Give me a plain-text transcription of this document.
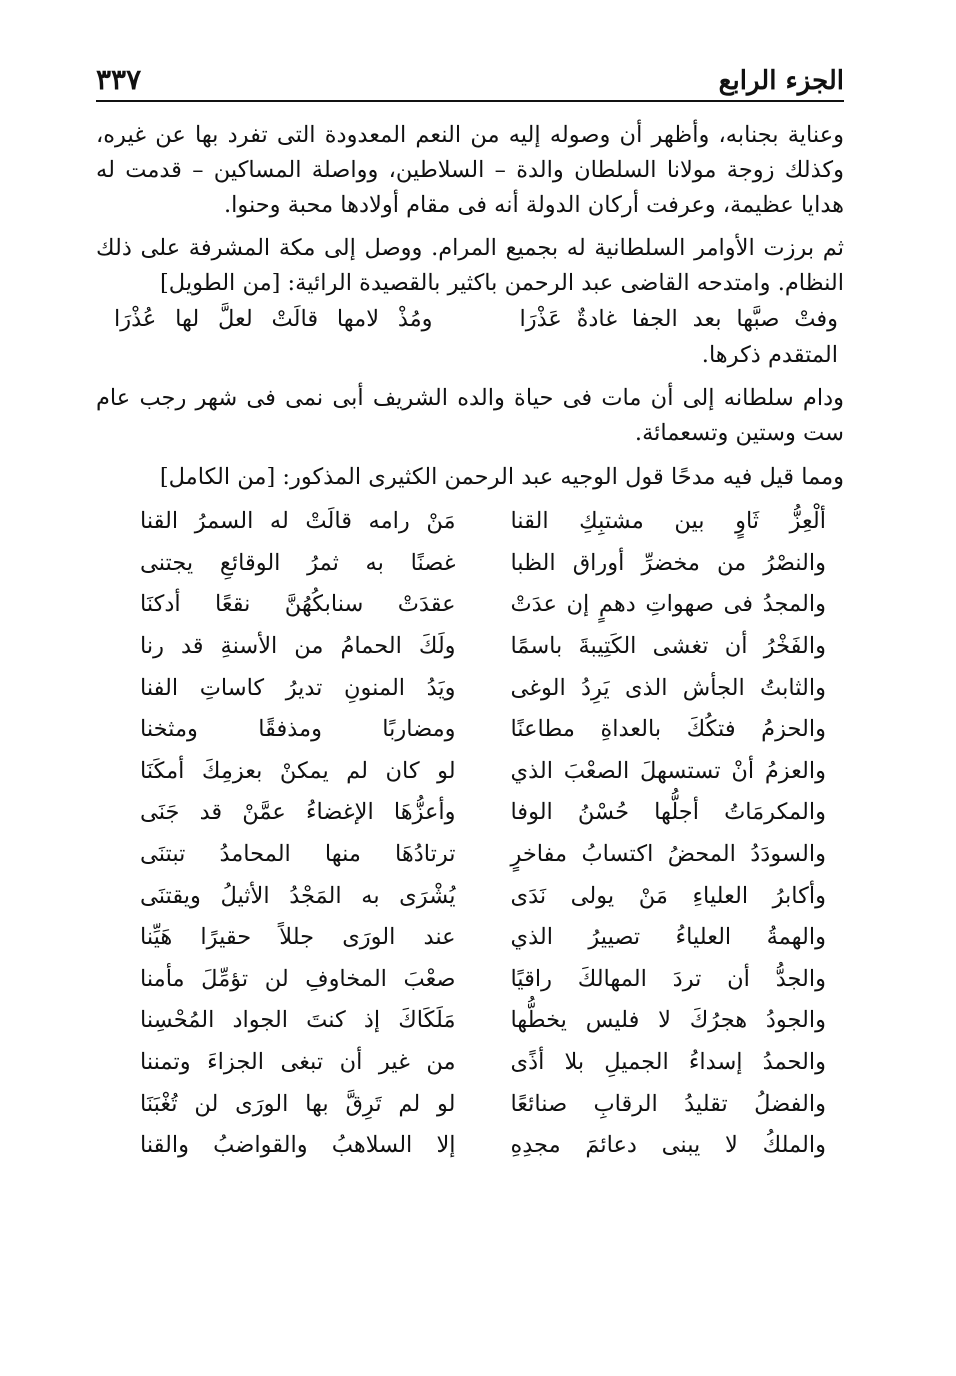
الجزء الرابع
٣٣٧

وعناية بجنابه، وأظهر أن وصوله إليه من النعم المعدودة التى تفرد بها عن غيره، وكذلك زوجة مولانا السلطان والدة – السلاطين، وواصلة المساكين – قدمت له هدايا عظيمة، وعرفت أركان الدولة أنه فى مقام أولادها محبة وحنوا.

ثم برزت الأوامر السلطانية له بجميع المرام. ووصل إلى مكة المشرفة على ذلك النظام. وامتدحه القاضى عبد الرحمن باكثير بالقصيدة الرائية: [من الطويل]

وفتْ صبَّها بعد الجفا غادةٌ عَذْرَا
ومُذْ لامها قالَتْ لعلَّ لها عُذْرَا
المتقدم ذكرها.

ودام سلطانه إلى أن مات فى حياة والده الشريف أبى نمى فى شهر رجب عام ست وستين وتسعمائة.

ومما قيل فيه مدحًا قول الوجيه عبد الرحمن الكثيرى المذكور: [من الكامل]
ألْعِزُّ ثَاوٍ بين مشتبِكِ القنا
مَنْ رامه قالَتْ له السمرُ القنا
والنصْرُ من مخضرِّ أوراق الظبا
غصنًا به ثمرُ الوقائعِ يجتنى
والمجدُ فى صهواتِ دهمٍ إن عدَتْ
عقدَتْ سنابكُهُنَّ نقعًا أدكنَا
والفَخْرُ أن تغشى الكَتِيبةَ باسمًا
ولَكَ الحمامُ من الأسنةِ قد رنا
والثابتُ الجأش الذى يَرِدُ الوغى
ويَدُ المنونِ تديرُ كاساتِ الفنا
والحزمُ فتكُكَ بالعداةِ مطاعنًا
ومضاربًا ومذفقًا ومثخنا
والعزمُ أنْ تستسهلَ الصعْبَ الذي
لو كان لم يمكنْ بعزمِكَ أمكَنَا
والمكرمَاتُ أجلُّها حُسْنُ الوفا
وأعزُّهَا الإغضاءُ عمَّنْ قد جَنَى
والسودَدُ المحضُ اكتسابُ مفاخرٍ
ترتادُهَا منها المحامدُ تبتنَى
وأكابرُ العلياءِ مَنْ يولى نَدَى
يُشْرَى به المَجْدُ الأثيلُ ويقتنَى
والهمةُ العلياءُ تصييرُ الذي
عند الورَى جللاً حقيرًا هَيِّنا
والجدُّ أن تردَ المهالكَ راقيًا
صعْبَ المخاوفِ لن تؤمِّلَ مأمنا
والجودُ هجرُكَ لا فليس يخطُّها
مَلَكَاكَ إذ كنتَ الجواد المُحْسِنا
والحمدُ إسداءُ الجميلِ بلا أذًى
من غير أن تبغى الجزاءَ وتمننا
والفضلُ تقليدُ الرقابِ صنائعًا
لو لم تَرِقَّ بها الورَى لن تُغْبَنَا
والملكُ لا يبنى دعائمَ مجدِهِ
إلا السلاهبُ والقواضبُ والقنا
